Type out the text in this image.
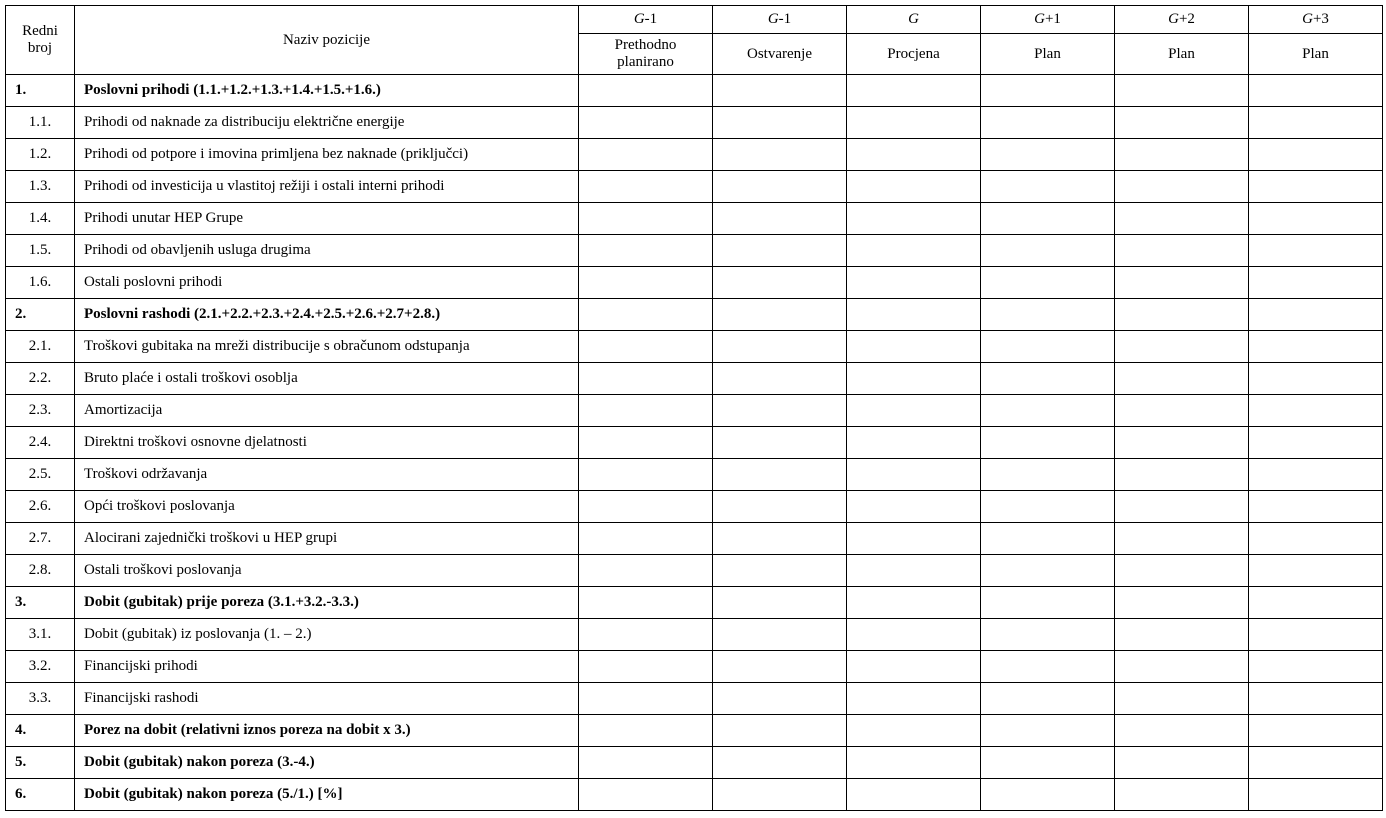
Redni broj	Naziv pozicije	G-1	G-1	G	G+1	G+2	G+3
		Prethodno planirano	Ostvarenje	Procjena	Plan	Plan	Plan
1.	Poslovni prihodi (1.1.+1.2.+1.3.+1.4.+1.5.+1.6.)						
1.1.	Prihodi od naknade za distribuciju električne energije						
1.2.	Prihodi od potpore i imovina primljena bez naknade (priključci)						
1.3.	Prihodi od investicija u vlastitoj režiji i ostali interni prihodi						
1.4.	Prihodi unutar HEP Grupe						
1.5.	Prihodi od obavljenih usluga drugima						
1.6.	Ostali poslovni prihodi						
2.	Poslovni rashodi (2.1.+2.2.+2.3.+2.4.+2.5.+2.6.+2.7+2.8.)						
2.1.	Troškovi gubitaka na mreži distribucije s obračunom odstupanja						
2.2.	Bruto plaće i ostali troškovi osoblja						
2.3.	Amortizacija						
2.4.	Direktni troškovi osnovne djelatnosti						
2.5.	Troškovi održavanja						
2.6.	Opći troškovi poslovanja						
2.7.	Alocirani zajednički troškovi u HEP grupi						
2.8.	Ostali troškovi poslovanja						
3.	Dobit (gubitak) prije poreza (3.1.+3.2.-3.3.)						
3.1.	Dobit (gubitak) iz poslovanja (1. – 2.)						
3.2.	Financijski prihodi						
3.3.	Financijski rashodi						
4.	Porez na dobit (relativni iznos poreza na dobit x 3.)						
5.	Dobit (gubitak) nakon poreza (3.-4.)						
6.	Dobit (gubitak) nakon poreza (5./1.) [%]						
